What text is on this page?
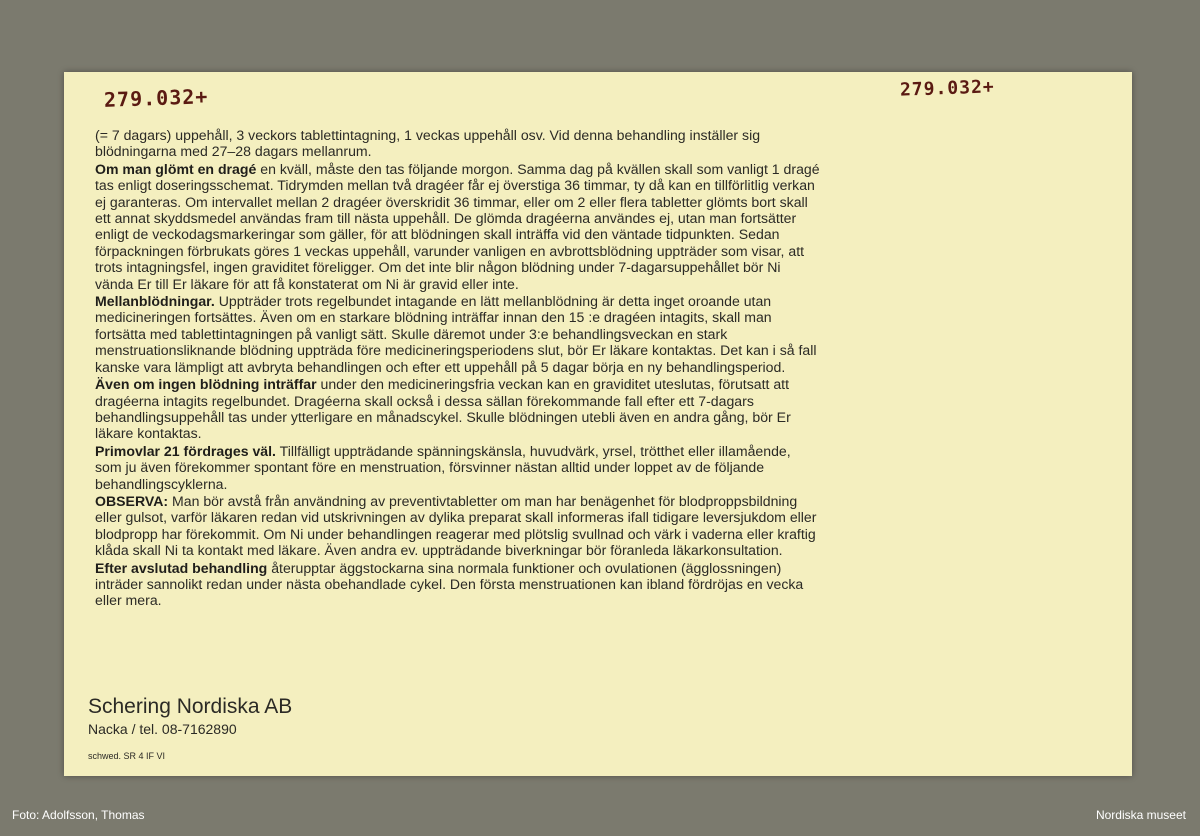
279.032+	279.032+

(= 7 dagars) uppehåll, 3 veckors tablettintagning, 1 veckas uppehåll osv. Vid denna behandling inställer sig blödningarna med 27–28 dagars mellanrum.

Om man glömt en dragé en kväll, måste den tas följande morgon. Samma dag på kvällen skall som vanligt 1 dragé tas enligt doseringsschemat. Tidrymden mellan två dragéer får ej överstiga 36 timmar, ty då kan en tillförlitlig verkan ej garanteras. Om intervallet mellan 2 dragéer överskridit 36 timmar, eller om 2 eller flera tabletter glömts bort skall ett annat skyddsmedel användas fram till nästa uppehåll. De glömda dragéerna användes ej, utan man fortsätter enligt de veckodagsmarkeringar som gäller, för att blödningen skall inträffa vid den väntade tidpunkten. Sedan förpackningen förbrukats göres 1 veckas uppehåll, varunder vanligen en avbrottsblödning uppträder som visar, att trots intagningsfel, ingen graviditet föreligger. Om det inte blir någon blödning under 7-dagarsuppehållet bör Ni vända Er till Er läkare för att få konstaterat om Ni är gravid eller inte.

Mellanblödningar. Uppträder trots regelbundet intagande en lätt mellanblödning är detta inget oroande utan medicineringen fortsättes. Även om en starkare blödning inträffar innan den 15 :e dragéen intagits, skall man fortsätta med tablettintagningen på vanligt sätt. Skulle däremot under 3:e behandlingsveckan en stark menstruationsliknande blödning uppträda före medicineringsperiodens slut, bör Er läkare kontaktas. Det kan i så fall kanske vara lämpligt att avbryta behandlingen och efter ett uppehåll på 5 dagar börja en ny behandlingsperiod.

Även om ingen blödning inträffar under den medicineringsfria veckan kan en graviditet uteslutas, förutsatt att dragéerna intagits regelbundet. Dragéerna skall också i dessa sällan förekommande fall efter ett 7-dagars behandlingsuppehåll tas under ytterligare en månadscykel. Skulle blödningen utebli även en andra gång, bör Er läkare kontaktas.

Primovlar 21 fördrages väl. Tillfälligt uppträdande spänningskänsla, huvudvärk, yrsel, trötthet eller illamående, som ju även förekommer spontant före en menstruation, försvinner nästan alltid under loppet av de följande behandlingscyklerna.

OBSERVA: Man bör avstå från användning av preventivtabletter om man har benägenhet för blodproppsbildning eller gulsot, varför läkaren redan vid utskrivningen av dylika preparat skall informeras ifall tidigare leversjukdom eller blodpropp har förekommit. Om Ni under behandlingen reagerar med plötslig svullnad och värk i vaderna eller kraftig klåda skall Ni ta kontakt med läkare. Även andra ev. uppträdande biverkningar bör föranleda läkarkonsultation.

Efter avslutad behandling återupptar äggstockarna sina normala funktioner och ovulationen (ägglossningen) inträder sannolikt redan under nästa obehandlade cykel. Den första menstruationen kan ibland fördröjas en vecka eller mera.

Schering Nordiska AB
Nacka / tel. 08-7162890
schwed. SR 4 IF VI
Foto: Adolfsson, Thomas	Nordiska museet
